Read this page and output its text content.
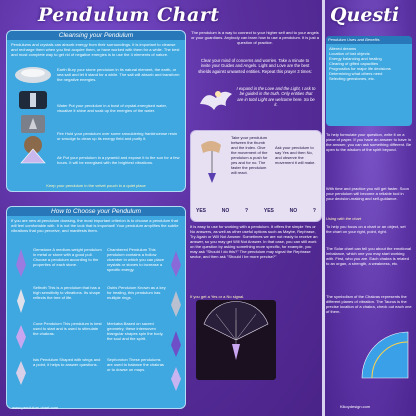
Pendulum Chart	Questi
Cleansing your Pendulum
Pendulums and crystals can absorb energy from their surroundings. It is important to cleanse and recharge them when you first acquire them, or have worked with them for a while. The best and most complete way to get rid of negative energies is to use the 4 elements of nature.
Earth Bury your stone pendulum in its natural element, the earth, or sea salt and let it stand for a while. The salt will absorb and transform the negative energies.
Water Put your pendulum in a bowl of crystal-energised water, visualize it shine and soak up the energies of the water.
Fire Hold your pendulum over some smouldering frankincense resin or smudge to clean up its energy field and purify it.
Air Put your pendulum in a pyramid and expose it to the sun for a few hours. It will be energised with the brightest vibrations.
Keep your pendulum in the velvet pouch in a quiet place
The pendulum is a way to connect to your higher self and to your angels or your guardians. Anybody can learn how to use a pendulum. It is just a question of practice.
Clear your mind of concerns and worries. Take a minute to invite your Guides and Angels. Light and Love are the best shields against unwanted entities. Repeat this prayer 3 times:
I expand in the Love and the Light, I ask to be guided in the truth. Only entities that are in total Light are welcome here. So be it.
Take your pendulum between the thumb and the index. Give the movement of the pendulum a push for yes and for no. The faster the pendulum will react.
Ask your pendulum to say Yes and then No, and observe the movement it will make.
YES	NO	?	YES	NO	?
How to Choose your Pendulum
If you are new at pendulum dowsing, the most important criterion is to choose a pendulum that will feel comfortable with. It is not the look that is important! Your pendulum amplifies the subtle vibrations that you perceive, and manifests them.
Gemstone A medium-weight pendulum in metal or stone with a good pull. Choose a pendulum according to the properties of each stone.
Sefiroth This is a pendulum that has a high sensitivity to vibrations. Its shape reflects the tree of life.
Cone Pendulum This pendulum is best used to start and is used to stimulate the chakras.
Isis Pendulum Shaped with wings and a point, it helps to answer questions.
Chambered Pendulum This pendulum contains a hollow chamber in which you can place crystals or stones to increase a specific energy.
Osiris Pendulum Known as a key for healing, this pendulum has multiple rings.
Merkaba Based on sacred geometry, these interwoven triangular shapes spin the body, the soul and the spirit.
Sephoroton These pendulums are used to balance the chakras or to dowse on maps.
It is easy to use for working with a pendulum. It offers the simple Yes or No answers, as well as other useful options such as Maybe, Rephrase, Try Again or Will Not Answer. Sometimes we are not ready to receive an answer, so you may get Will Not Answer. In that case, you can still work on the question by asking something more specific, for example, you may ask "Should I do this?" The pendulum may signal the Rephrase sector, and then ask "Should I be more precise?"
If you get a Yes or a No signal.
Pendulum Uses and Benefits
Altered dreams
Location of lost objects
Energy balancing and healing
Clearing of gifted capacities
Prognostics for major life decisions
Determining what others need
Selecting gemstones, etc.
To help formulate your question, write it on a piece of paper. If you have an answer to have in the answer, you can ask something different. Be open to the wisdom of the spirit beyond.
With time and practice you will get faster. Soon your pendulum will become a reliable tool in your decision-making and self-guidance.
Using with the chart
To help you focus on a chart or an object, set the chart on your right, point, right.
The Solar chart can tell you about the emotional imbalance, which one you may start working with. First, who you are. Each chakra is related to an organ, a strength, a weakness, etc.
The symbolism of the Chakras represents the different planes of vibration. The Taurus is the precise location of a chakra, check out each one of them.
www.pendulum-chart.com	Kikoydesign.com
